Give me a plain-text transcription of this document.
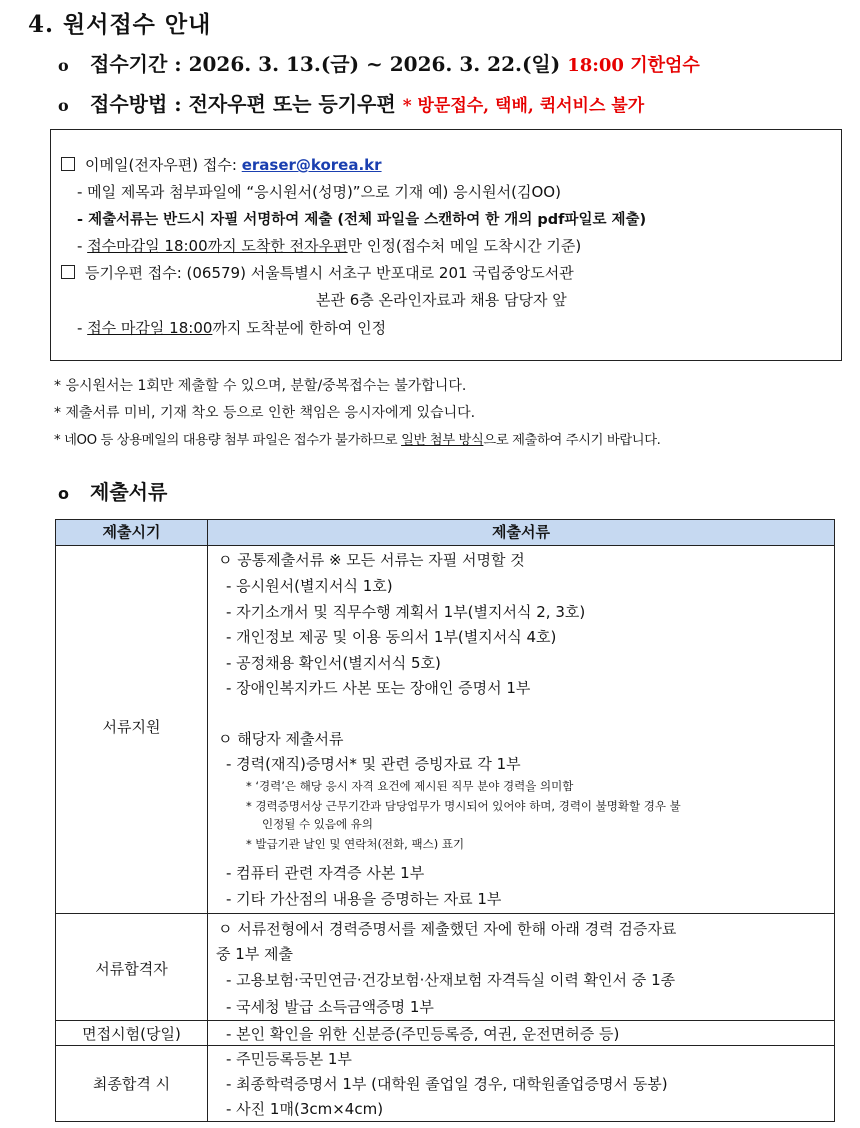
4. 원서접수 안내
o 접수기간 : 2026. 3. 13.(금) ~ 2026. 3. 22.(일) 18:00 기한엄수
o 접수방법 : 전자우편 또는 등기우편 * 방문접수, 택배, 퀵서비스 불가
이메일(전자우편) 접수: eraser@korea.kr
- 메일 제목과 첨부파일에 “응시원서(성명)”으로 기재 예) 응시원서(김OO)
- 제출서류는 반드시 자필 서명하여 제출 (전체 파일을 스캔하여 한 개의 pdf파일로 제출)
- 접수마감일 18:00까지 도착한 전자우편만 인정(접수처 메일 도착시간 기준)
등기우편 접수: (06579) 서울특별시 서초구 반포대로 201 국립중앙도서관
본관 6층 온라인자료과 채용 담당자 앞
- 접수 마감일 18:00까지 도착분에 한하여 인정
* 응시원서는 1회만 제출할 수 있으며, 분할/중복접수는 불가합니다.
* 제출서류 미비, 기재 착오 등으로 인한 책임은 응시자에게 있습니다.
* 네OO 등 상용메일의 대용량 첨부 파일은 접수가 불가하므로 일반 첨부 방식으로 제출하여 주시기 바랍니다.
o 제출서류
제출시기	제출서류
서류지원
ㅇ 공통제출서류 ※ 모든 서류는 자필 서명할 것
- 응시원서(별지서식 1호)
- 자기소개서 및 직무수행 계획서 1부(별지서식 2, 3호)
- 개인정보 제공 및 이용 동의서 1부(별지서식 4호)
- 공정채용 확인서(별지서식 5호)
- 장애인복지카드 사본 또는 장애인 증명서 1부
ㅇ 해당자 제출서류
- 경력(재직)증명서* 및 관련 증빙자료 각 1부
* ‘경력’은 해당 응시 자격 요건에 제시된 직무 분야 경력을 의미함
* 경력증명서상 근무기간과 담당업무가 명시되어 있어야 하며, 경력이 불명확할 경우 불
인정될 수 있음에 유의
* 발급기관 날인 및 연락처(전화, 팩스) 표기
- 컴퓨터 관련 자격증 사본 1부
- 기타 가산점의 내용을 증명하는 자료 1부
서류합격자
ㅇ 서류전형에서 경력증명서를 제출했던 자에 한해 아래 경력 검증자료
중 1부 제출
- 고용보험·국민연금·건강보험·산재보험 자격득실 이력 확인서 중 1종
- 국세청 발급 소득금액증명 1부
면접시험(당일)	- 본인 확인을 위한 신분증(주민등록증, 여권, 운전면허증 등)
최종합격 시
- 주민등록등본 1부
- 최종학력증명서 1부 (대학원 졸업일 경우, 대학원졸업증명서 동봉)
- 사진 1매(3cm×4cm)
